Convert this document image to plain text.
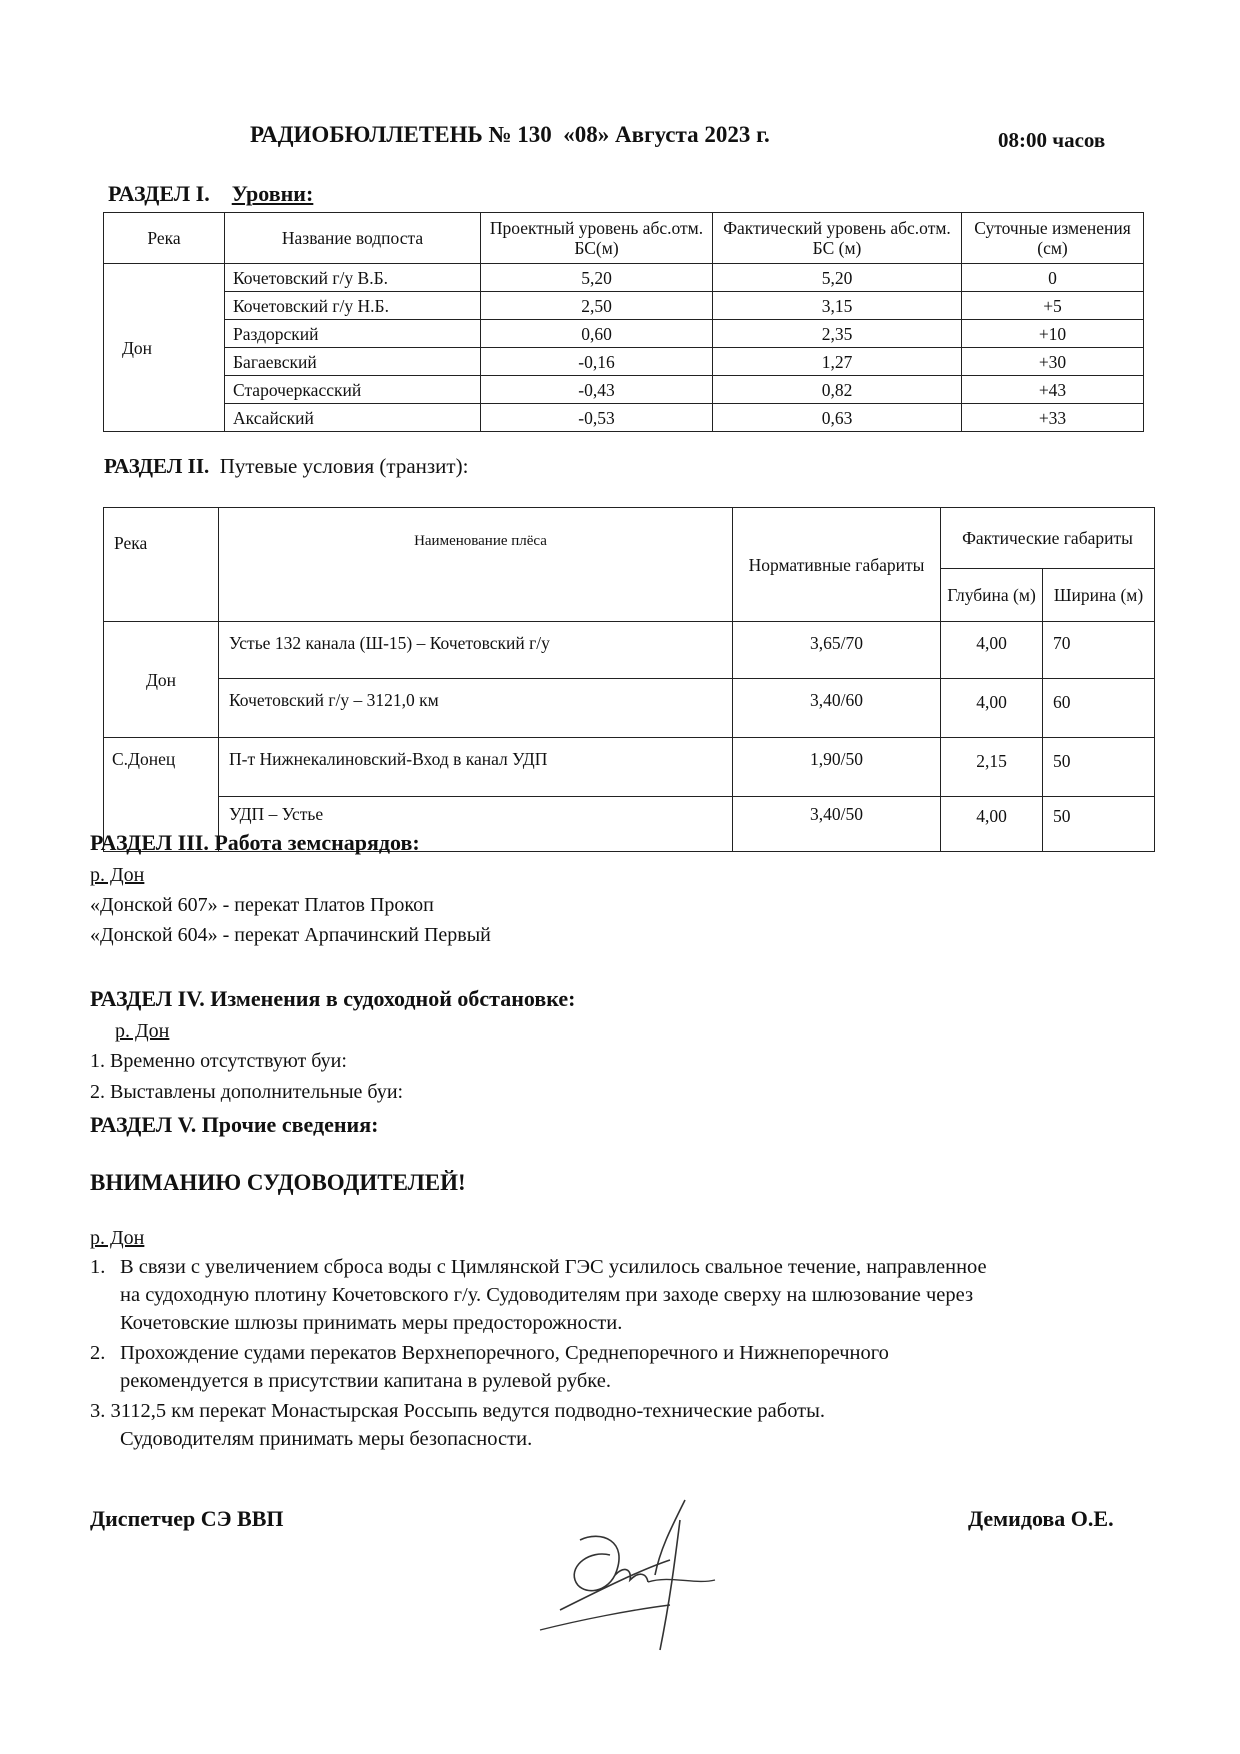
РАДИОБЮЛЛЕТЕНЬ № 130  «08» Августа 2023 г.	08:00 часов
РАЗДЕЛ I. Уровни:
Река	Название водпоста	Проектный уровень абс.отм. БС(м)	Фактический уровень абс.отм. БС (м)	Суточные изменения (см)
Дон	Кочетовский г/у В.Б.	5,20	5,20	0
	Кочетовский г/у Н.Б.	2,50	3,15	+5
	Раздорский	0,60	2,35	+10
	Багаевский	-0,16	1,27	+30
	Старочеркасский	-0,43	0,82	+43
	Аксайский	-0,53	0,63	+33
РАЗДЕЛ II. Путевые условия (транзит):
Река	Наименование плёса	Нормативные габариты	Фактические габариты	
			Глубина (м)	Ширина (м)
Дон	Устье 132 канала (Ш-15) – Кочетовский г/у	3,65/70	4,00	70
	Кочетовский г/у – 3121,0 км	3,40/60	4,00	60
С.Донец	П-т Нижнекалиновский-Вход в канал УДП	1,90/50	2,15	50
	УДП – Устье	3,40/50	4,00	50
РАЗДЕЛ III. Работа земснарядов:
р. Дон
«Донской 607» - перекат Платов Прокоп
«Донской 604» - перекат Арпачинский Первый
РАЗДЕЛ IV. Изменения в судоходной обстановке:
р. Дон
1. Временно отсутствуют буи:
2. Выставлены дополнительные буи:
РАЗДЕЛ V. Прочие сведения:
ВНИМАНИЮ СУДОВОДИТЕЛЕЙ!
р. Дон
1. В связи с увеличением сброса воды с Цимлянской ГЭС усилилось свальное течение, направленное
на судоходную плотину Кочетовского г/у. Судоводителям при заходе сверху на шлюзование через
Кочетовские шлюзы принимать меры предосторожности.
2. Прохождение судами перекатов Верхнепоречного, Среднепоречного и Нижнепоречного
рекомендуется в присутствии капитана в рулевой рубке.
3. 3112,5 км перекат Монастырская Россыпь ведутся подводно-технические работы.
Судоводителям принимать меры безопасности.
Диспетчер СЭ ВВП	Демидова О.Е.
